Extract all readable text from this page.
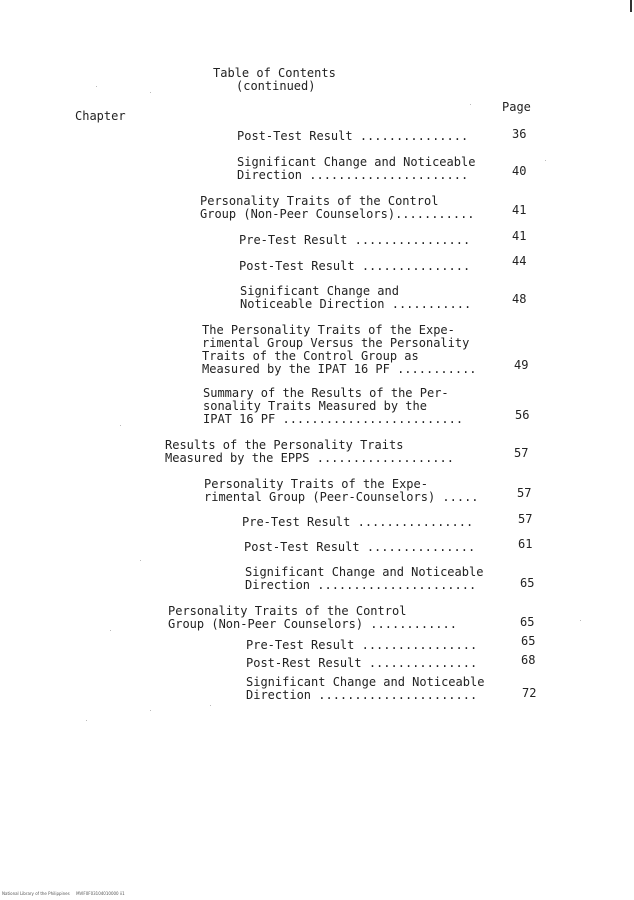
Table of Contents
(continued)
Chapter
Page
Post-Test Result ...............	36
Significant Change and Noticeable
Direction ......................	40
Personality Traits of the Control
Group (Non-Peer Counselors)...........	41
Pre-Test Result ................	41
Post-Test Result ...............	44
Significant Change and
Noticeable Direction ...........	48
The Personality Traits of the Expe-
rimental Group Versus the Personality
Traits of the Control Group as
Measured by the IPAT 16 PF ...........	49
Summary of the Results of the Per-
sonality Traits Measured by the
IPAT 16 PF .........................	56
Results of the Personality Traits
Measured by the EPPS ...................	57
Personality Traits of the Expe-
rimental Group (Peer-Counselors) .....	57
Pre-Test Result ................	57
Post-Test Result ...............	61
Significant Change and Noticeable
Direction ......................	65
Personality Traits of the Control
Group (Non-Peer Counselors) ............	65
Pre-Test Result ................	65
Post-Rest Result ...............	68
Significant Change and Noticeable
Direction ......................	72
National Library of the Philippines     MVIF0F03104010000 ii1
